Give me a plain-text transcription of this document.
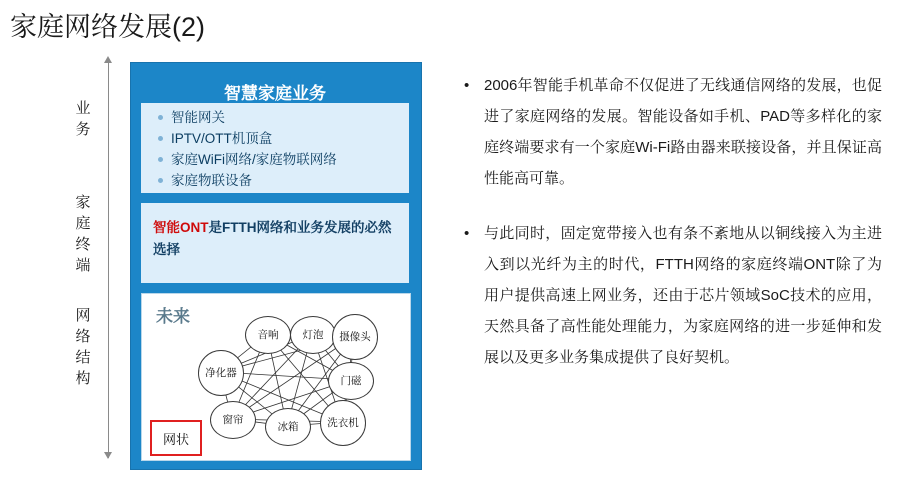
家庭网络发展(2)
业务
家庭终端
网络结构
智慧家庭业务
智能网关
IPTV/OTT机顶盒
家庭WiFi网络/家庭物联网络
家庭物联设备
智能ONT是FTTH网络和业务发展的必然选择
未来
音响	灯泡	摄像头
净化器
门磁
窗帘
冰箱	洗衣机
网状
• 2006年智能手机革命不仅促进了无线通信网络的发展，也促进了家庭网络的发展。智能设备如手机、PAD等多样化的家庭终端要求有一个家庭Wi-Fi路由器来联接设备，并且保证高性能高可靠。
• 与此同时，固定宽带接入也有条不紊地从以铜线接入为主进入到以光纤为主的时代，FTTH网络的家庭终端ONT除了为用户提供高速上网业务，还由于芯片领域SoC技术的应用，天然具备了高性能处理能力，为家庭网络的进一步延伸和发展以及更多业务集成提供了良好契机。
